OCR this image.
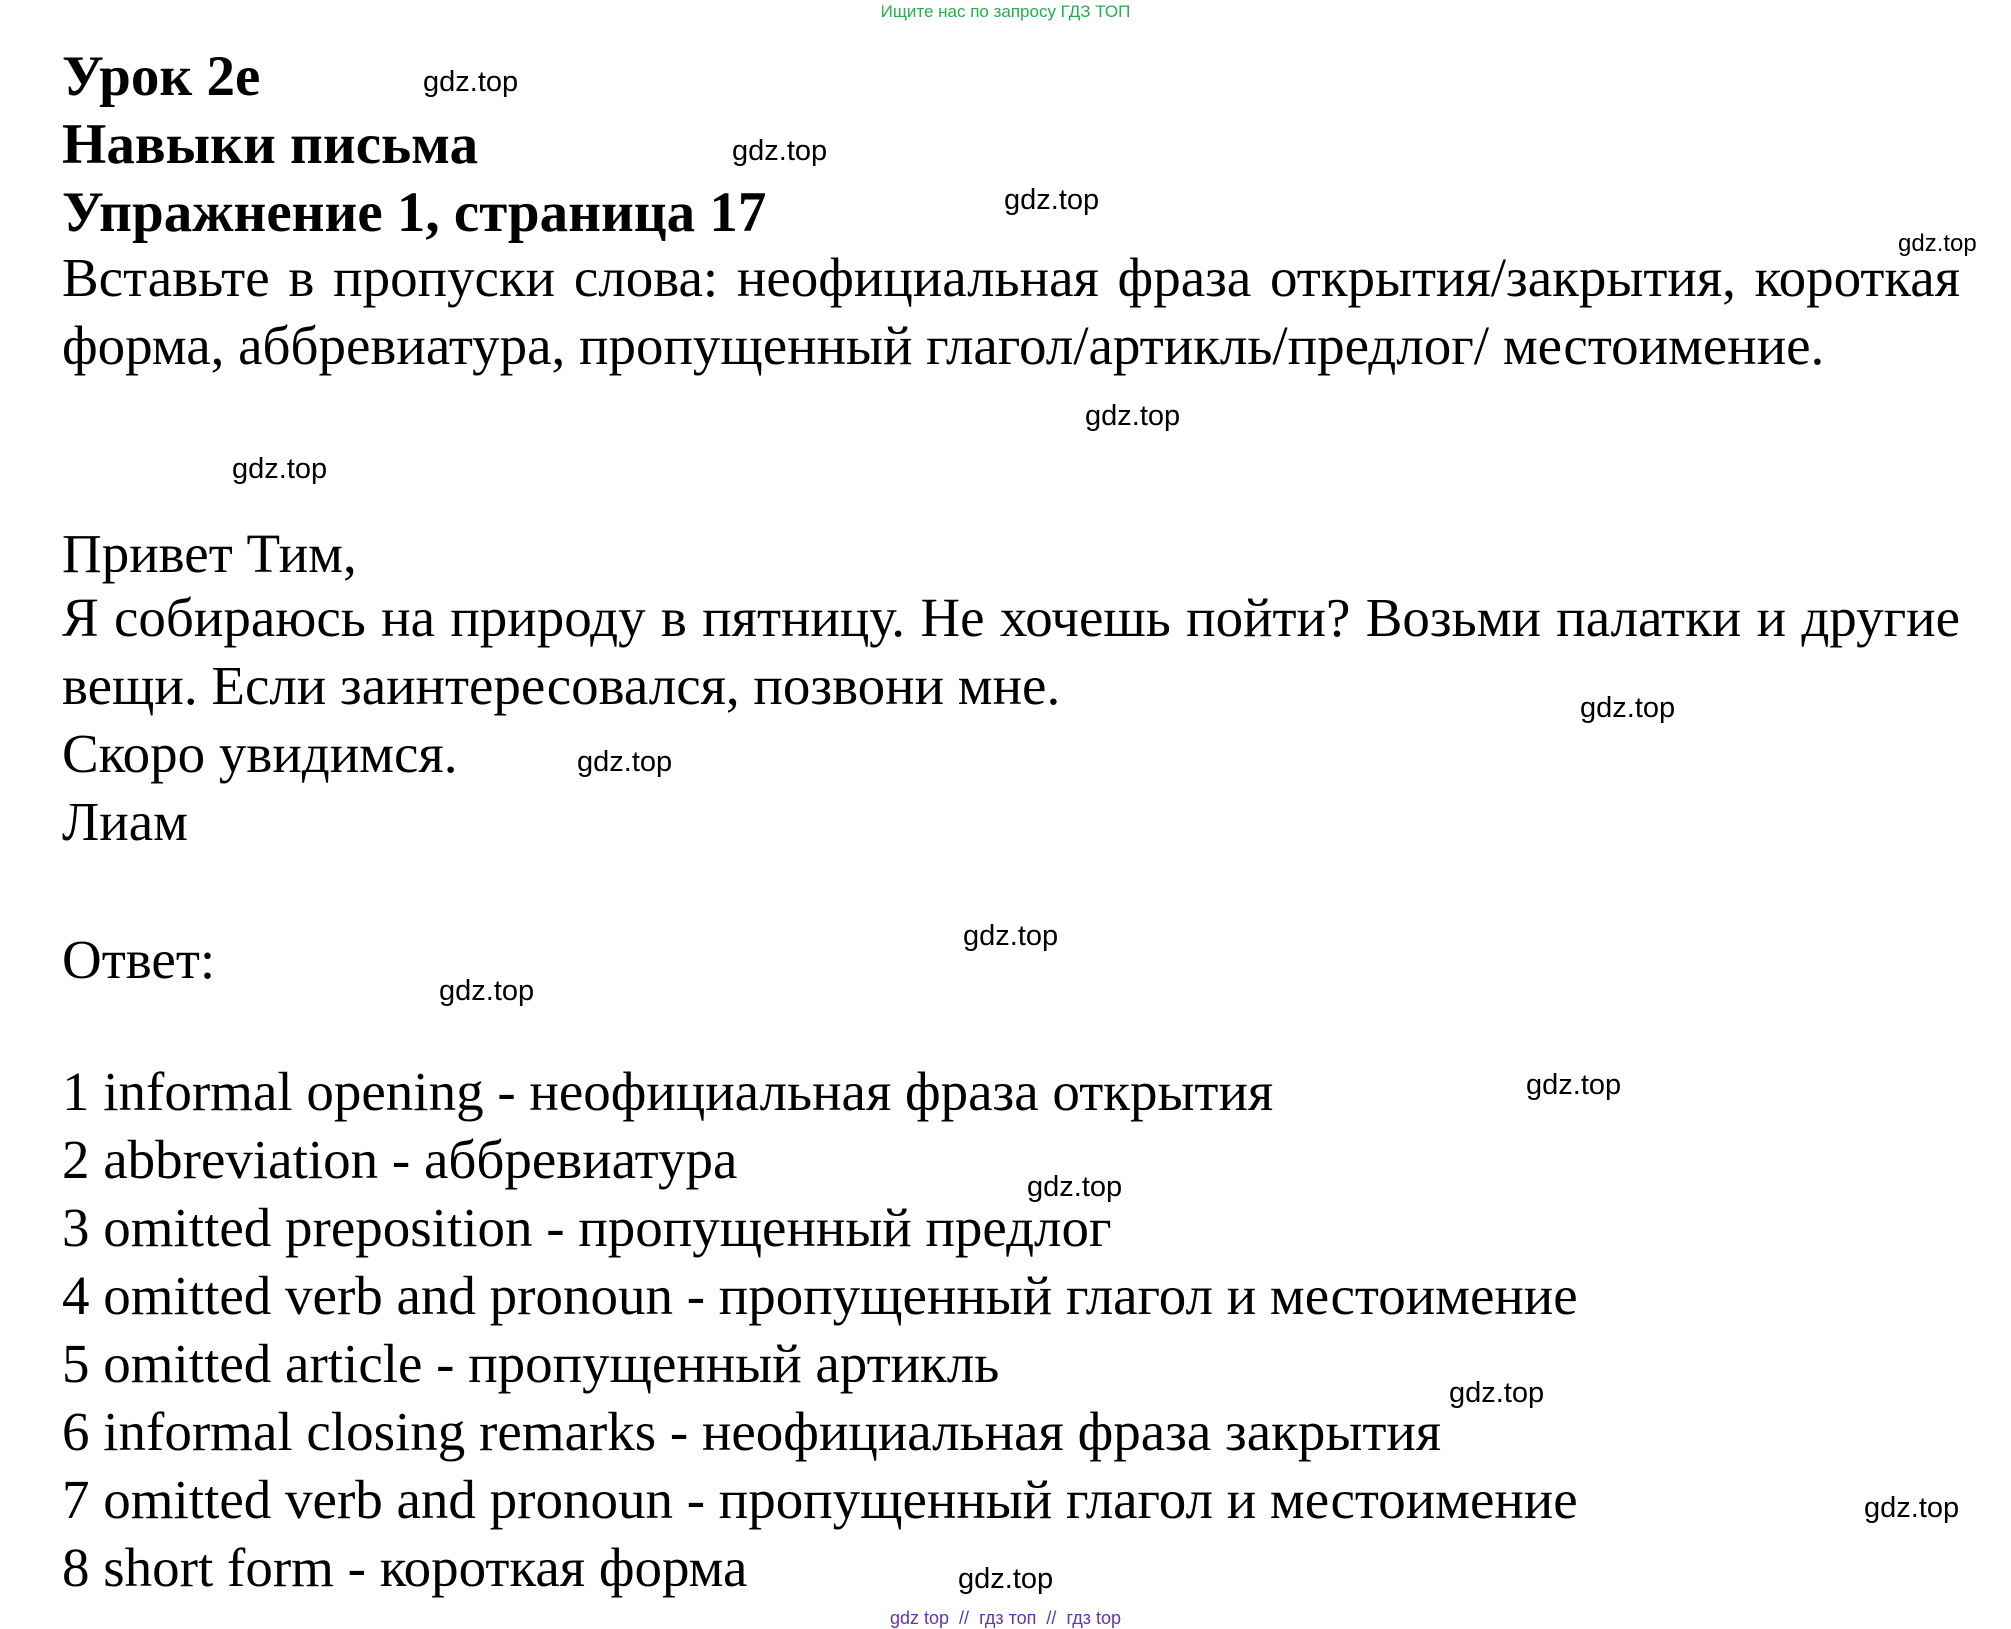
Ищите нас по запросу ГДЗ ТОП
Урок 2e
Навыки письма
Упражнение 1, страница 17

Вставьте в пропуски слова: неофициальная фраза открытия/закрытия, короткая форма, аббревиатура, пропущенный глагол/артикль/предлог/ местоимение.

Привет Тим,

Я собираюсь на природу в пятницу. Не хочешь пойти? Возьми палатки и другие вещи. Если заинтересовался, позвони мне.

Скоро увидимся.

Лиам

Ответ:

1 informal opening - неофициальная фраза открытия

2 abbreviation - аббревиатура

3 omitted preposition - пропущенный предлог

4 omitted verb and pronoun - пропущенный глагол и местоимение

5 omitted article - пропущенный артикль

6 informal closing remarks - неофициальная фраза закрытия

7 omitted verb and pronoun - пропущенный глагол и местоимение

8 short form - короткая форма

gdz.top
gdz.top
gdz.top
gdz.top
gdz.top
gdz.top
gdz.top
gdz.top
gdz.top
gdz.top
gdz.top
gdz.top
gdz.top
gdz.top
gdz.top
gdz top // гдз топ // гдз top
